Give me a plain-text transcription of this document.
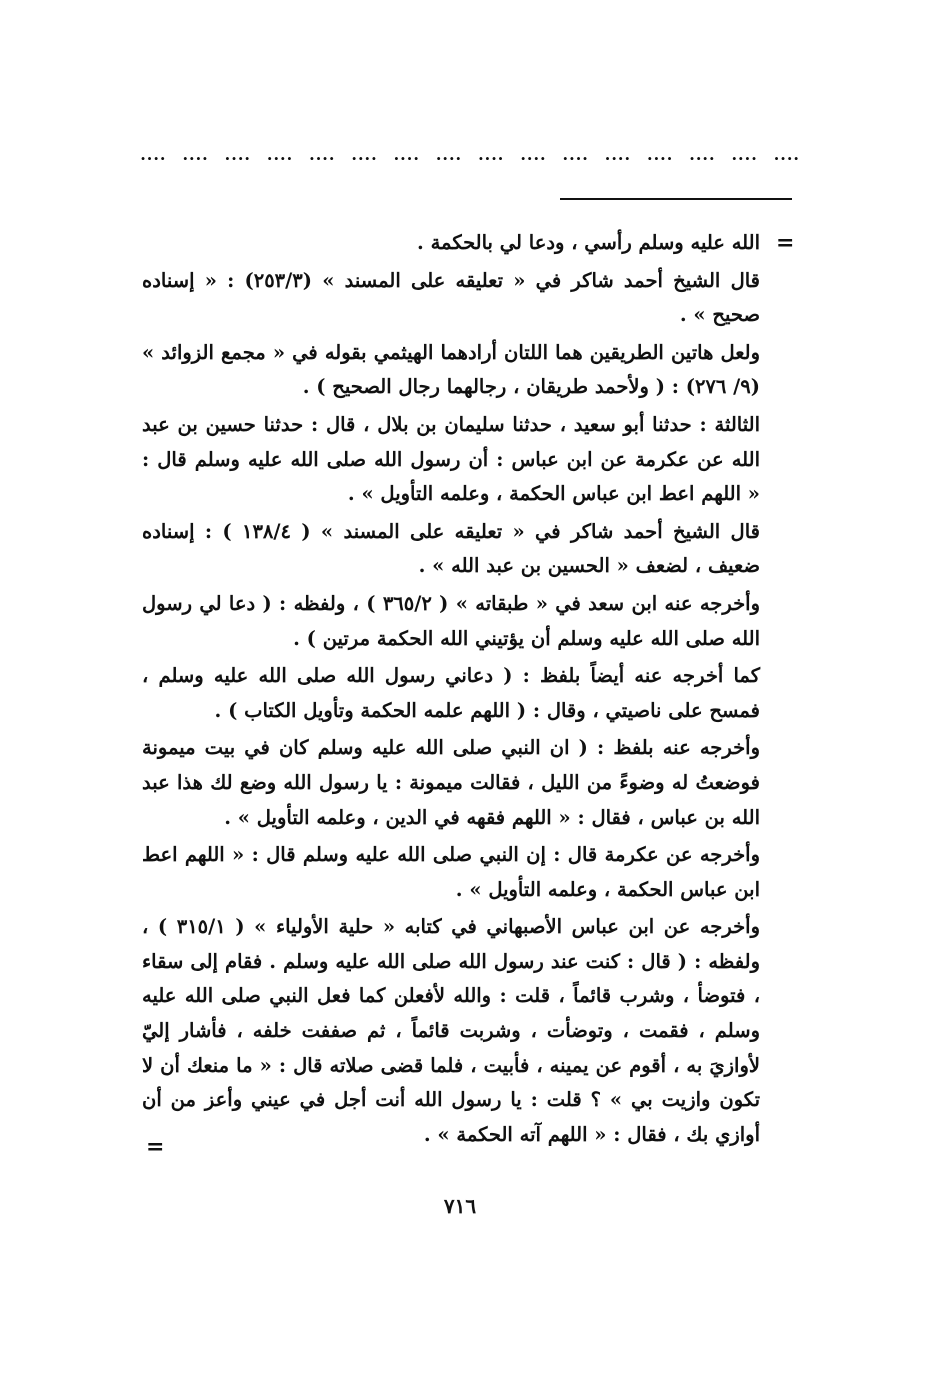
....
....
....
....
....
....
....
....
....
....
....
....
....
....
....
....
=

الله عليه وسلم رأسي ، ودعا لي بالحكمة .

قال الشيخ أحمد شاكر في « تعليقه على المسند » (٢٥٣/٣) : « إسناده صحيح » .

ولعل هاتين الطريقين هما اللتان أرادهما الهيثمي بقوله في « مجمع الزوائد » (٩/ ٢٧٦) : ( ولأحمد طريقان ، رجالهما رجال الصحيح ) .

الثالثة : حدثنا أبو سعيد ، حدثنا سليمان بن بلال ، قال : حدثنا حسين بن عبد الله عن عكرمة عن ابن عباس : أن رسول الله صلى الله عليه وسلم قال : « اللهم اعط ابن عباس الحكمة ، وعلمه التأويل » .

قال الشيخ أحمد شاكر في « تعليقه على المسند » ( ١٣٨/٤ ) : إسناده ضعيف ، لضعف « الحسين بن عبد الله » .

وأخرجه عنه ابن سعد في « طبقاته » ( ٣٦٥/٢ ) ، ولفظه : ( دعا لي رسول الله صلى الله عليه وسلم أن يؤتيني الله الحكمة مرتين ) .

كما أخرجه عنه أيضاً بلفظ : ( دعاني رسول الله صلى الله عليه وسلم ، فمسح على ناصيتي ، وقال : ( اللهم علمه الحكمة وتأويل الكتاب ) .

وأخرجه عنه بلفظ : ( ان النبي صلى الله عليه وسلم كان في بيت ميمونة فوضعتُ له وضوءً من الليل ، فقالت ميمونة : يا رسول الله وضع لك هذا عبد الله بن عباس ، فقال : « اللهم فقهه في الدين ، وعلمه التأويل » .

وأخرجه عن عكرمة قال : إن النبي صلى الله عليه وسلم قال : « اللهم اعط ابن عباس الحكمة ، وعلمه التأويل » .

وأخرجه عن ابن عباس الأصبهاني في كتابه « حلية الأولياء » ( ٣١٥/١ ) ، ولفظه : ( قال : كنت عند رسول الله صلى الله عليه وسلم . فقام إلى سقاء ، فتوضأ ، وشرب قائماً ، قلت : والله لأفعلن كما فعل النبي صلى الله عليه وسلم ، فقمت ، وتوضأت ، وشربت قائماً ، ثم صففت خلفه ، فأشار إليّ لأوازيَ به ، أقوم عن يمينه ، فأبيت ، فلما قضى صلاته قال : « ما منعك أن لا تكون وازيت بي » ؟ قلت : يا رسول الله أنت أجل في عيني وأعز من أن أوازي بك ، فقال : « اللهم آته الحكمة » .

=
٧١٦
